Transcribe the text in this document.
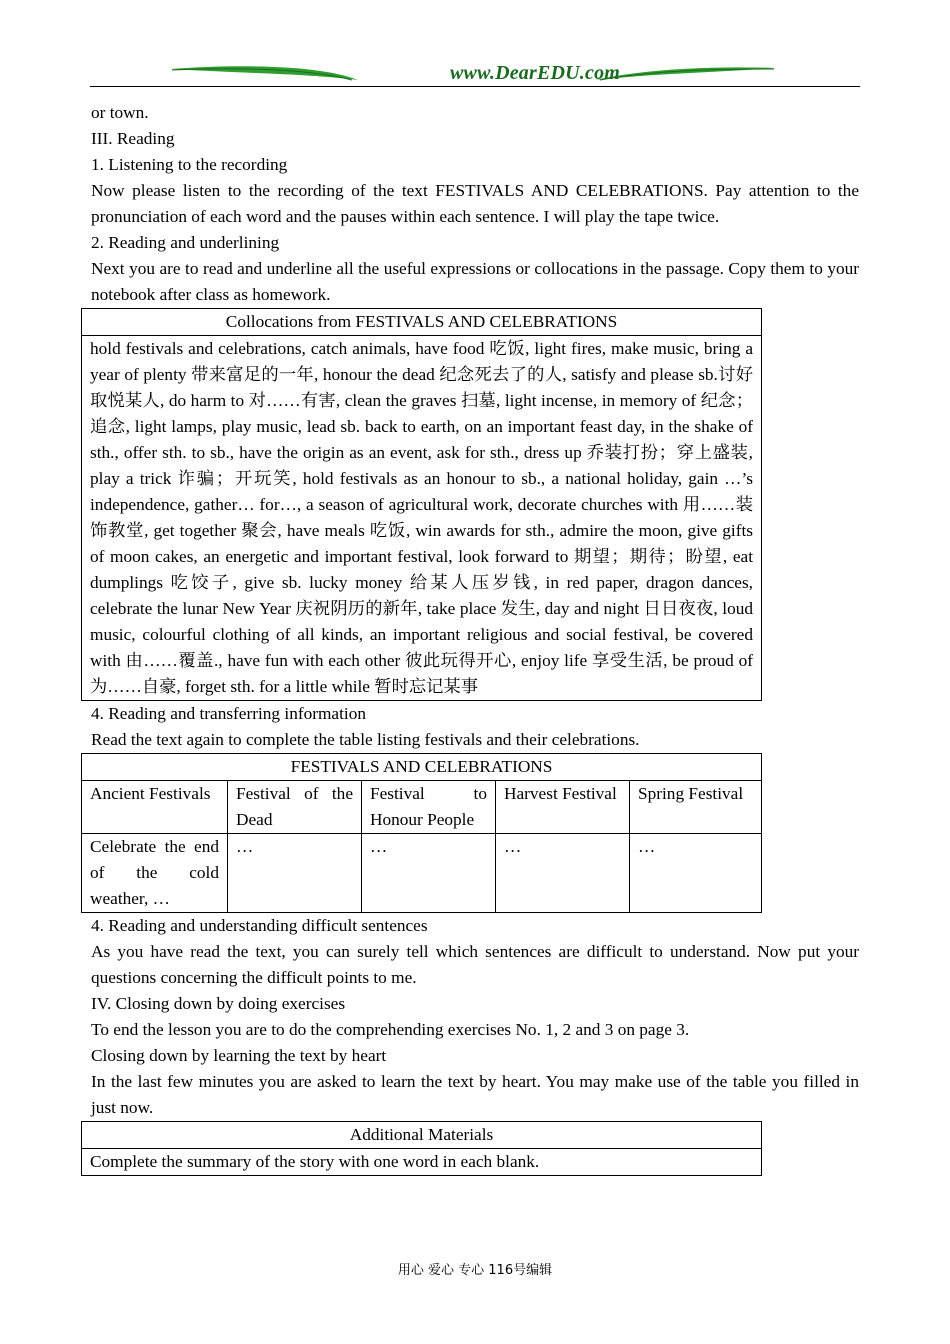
www.DearEDU.com

or town.

III. Reading

1. Listening to the recording

Now please listen to the recording of the text FESTIVALS AND CELEBRATIONS. Pay attention to the pronunciation of each word and the pauses within each sentence. I will play the tape twice.

2. Reading and underlining

Next you are to read and underline all the useful expressions or collocations in the passage. Copy them to your notebook after class as homework.

Collocations from FESTIVALS AND CELEBRATIONS
hold festivals and celebrations, catch animals, have food 吃饭, light fires, make music, bring a year of plenty 带来富足的一年, honour the dead 纪念死去了的人, satisfy and please sb.讨好取悦某人, do harm to 对……有害, clean the graves 扫墓, light incense, in memory of 纪念；追念, light lamps, play music, lead sb. back to earth, on an important feast day, in the shake of sth., offer sth. to sb., have the origin as an event, ask for sth., dress up 乔装打扮；穿上盛装, play a trick 诈骗；开玩笑, hold festivals as an honour to sb., a national holiday, gain …’s independence, gather… for…, a season of agricultural work, decorate churches with 用……装饰教堂, get together 聚会, have meals 吃饭, win awards for sth., admire the moon, give gifts of moon cakes, an energetic and important festival, look forward to 期望；期待；盼望, eat dumplings 吃饺子, give sb. lucky money 给某人压岁钱, in red paper, dragon dances, celebrate the lunar New Year 庆祝阴历的新年, take place 发生, day and night 日日夜夜, loud music, colourful clothing of all kinds, an important religious and social festival, be covered with 由……覆盖., have fun with each other 彼此玩得开心, enjoy life 享受生活, be proud of 为……自豪, forget sth. for a little while 暂时忘记某事

4. Reading and transferring information

Read the text again to complete the table listing festivals and their celebrations.

FESTIVALS AND CELEBRATIONS				
Ancient Festivals	Festival of the Dead	Festival to Honour People	Harvest Festival	Spring Festival
Celebrate the end of the cold weather, …	…	…	…	…

4. Reading and understanding difficult sentences

As you have read the text, you can surely tell which sentences are difficult to understand. Now put your questions concerning the difficult points to me.

IV. Closing down by doing exercises

To end the lesson you are to do the comprehending exercises No. 1, 2 and 3 on page 3.

Closing down by learning the text by heart

In the last few minutes you are asked to learn the text by heart. You may make use of the table you filled in just now.

Additional Materials
Complete the summary of the story with one word in each blank.
用心 爱心 专心 116号编辑
